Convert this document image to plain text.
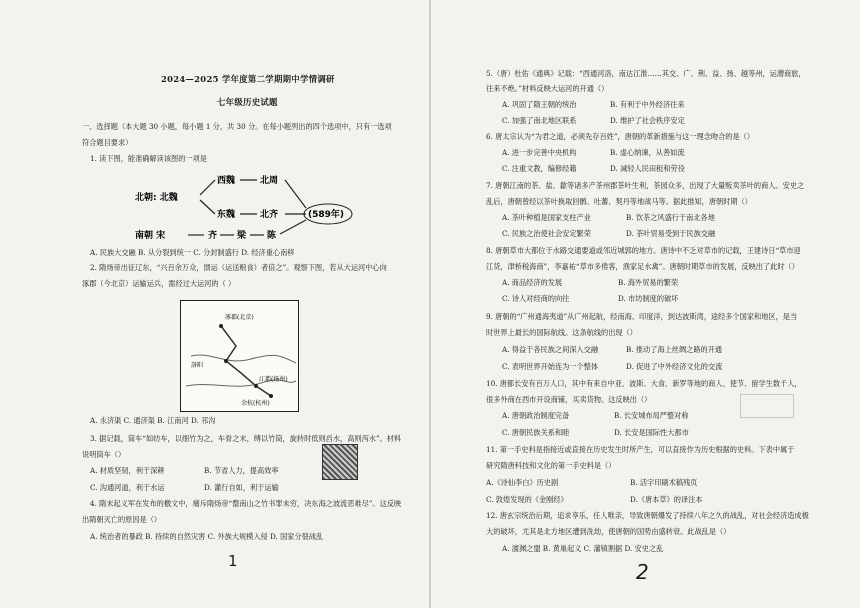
2024—2025 学年度第二学期期中学情调研
七年级历史试题
一、选择题（本大题 30 小题，每小题 1 分，共 30 分。在每小题列出的四个选项中，只有一选项
符合题目要求）
1. 读下图，能准确解读该图的一项是
西魏	北周
北朝: 北魏
东魏	北齐	(589年)
南朝 宋	齐 梁 陈
A. 民族大交融 B. 从分裂到统一 C. 分封制盛行 D. 经济重心南移
2. 隋炀帝出征辽东，“兴百余万众，馈运（运送粮食）者倍之”。观察下图，若从大运河中心向
涿郡（今北京）运输运兵，需经过大运河的（ ）
涿郡(北京)
洛阳
江都(扬州)
余杭(杭州)
A. 永济渠 C. 通济渠 B. 江南河 D. 邗沟
3. 据记载，筒车“如纺车，以细竹为之，车骨之末，缚以竹筒，旋转时低则舀水，高则泻水”。材料
说明筒车（）
A. 材质坚韧，利于深耕	B. 节省人力，提高效率
C. 沟通河道，利于水运	D. 灌行自如，利于运输
4. 隋末起义军在发布的檄文中，痛斥隋炀帝“罄南山之竹书罪未穷，决东海之波流恶难尽”。这反映
出隋朝灭亡的原因是（）
A. 统治者的暴政 B. 持续的自然灾害 C. 外族大规模入侵 D. 国家分裂战乱
1
5.（唐）杜佑《通典》记载：“西通河洛，南达江淮……其交、广、荆、益、扬、越等州，运漕商旅，
往来不绝。”材料反映大运河的开通（）
A. 巩固了隋王朝的统治	B. 有利于中外经济往来
C. 加强了南北地区联系	D. 维护了社会秩序安定
6. 唐太宗认为“为君之道，必须先存百姓”，唐朝的革新措施与这一理念吻合的是（）
A. 进一步完善中央机构	B. 虚心纳谏，从善如流
C. 注重文教，编修经籍	D. 减轻人民田租和劳役
7. 唐朝江南的茶、盐、歙等诸多产茶州郡茶叶生利，茶园众多，出现了大量贩卖茶叶的商人。安史之
乱后，唐朝曾经以茶叶换取回鹘、吐蕃、契丹等地战马等。据此推知，唐朝时期（）
A. 茶叶种植是国家支柱产业	B. 饮茶之风盛行于南北各地
C. 民族之治使社会安定繁荣	D. 茶叶贸易受到于民族交融
8. 唐朝草市大都位于水路交通要道或邻近城郭的地方。唐诗中不乏对草市的记载，王建诗日“草市迎
江货，津桥税海商”，李嘉祐“草市多倦客，渔家足水禽”。唐朝时期草市的发展，反映出了此时（）
A. 商品经济的发展	B. 海外贸易的繁荣
C. 诗人对经商的向往	D. 市坊制度的破坏
9. 唐朝的“广州通海夷道”从广州起航，经南海、印度洋，到达波斯湾，途经多个国家和地区，是当
时世界上最长的国际航线。这条航线的出现（）
A. 得益于各民族之间深入交融	B. 推动了海上丝绸之路的开通
C. 表明世界开始连为一个整体	D. 促进了中外经济文化的交流
10. 唐都长安有百万人口，其中有来自中亚、波斯、大食、新罗等地的商人、使节、留学生数千人，
很多外商在西市开设商铺，买卖货物。这反映出（）
A. 唐朝政治制度完备	B. 长安城布局严整对称
C. 唐朝民族关系和睦	D. 长安是国际性大都市
11. 第一手史料是指接近或直接在历史发生时所产生，可以直接作为历史根据的史料。下表中属于
研究隋唐科技和文化的第一手史料是（）
A.《诗仙李白》历史剧	B. 活字印刷术稿残页
C. 敦煌发现的《金刚经》	D.《唐本草》的译注本
12. 唐玄宗统治后期，追求享乐，任人唯亲，导致唐朝爆发了持续八年之久的战乱，对社会经济造成极
大的破坏，尤其是北方地区遭到洗劫，使唐朝的国势由盛转衰。此战乱是（）
A. 澶渊之盟 B. 黄巢起义 C. 藩镇割据 D. 安史之乱
2
